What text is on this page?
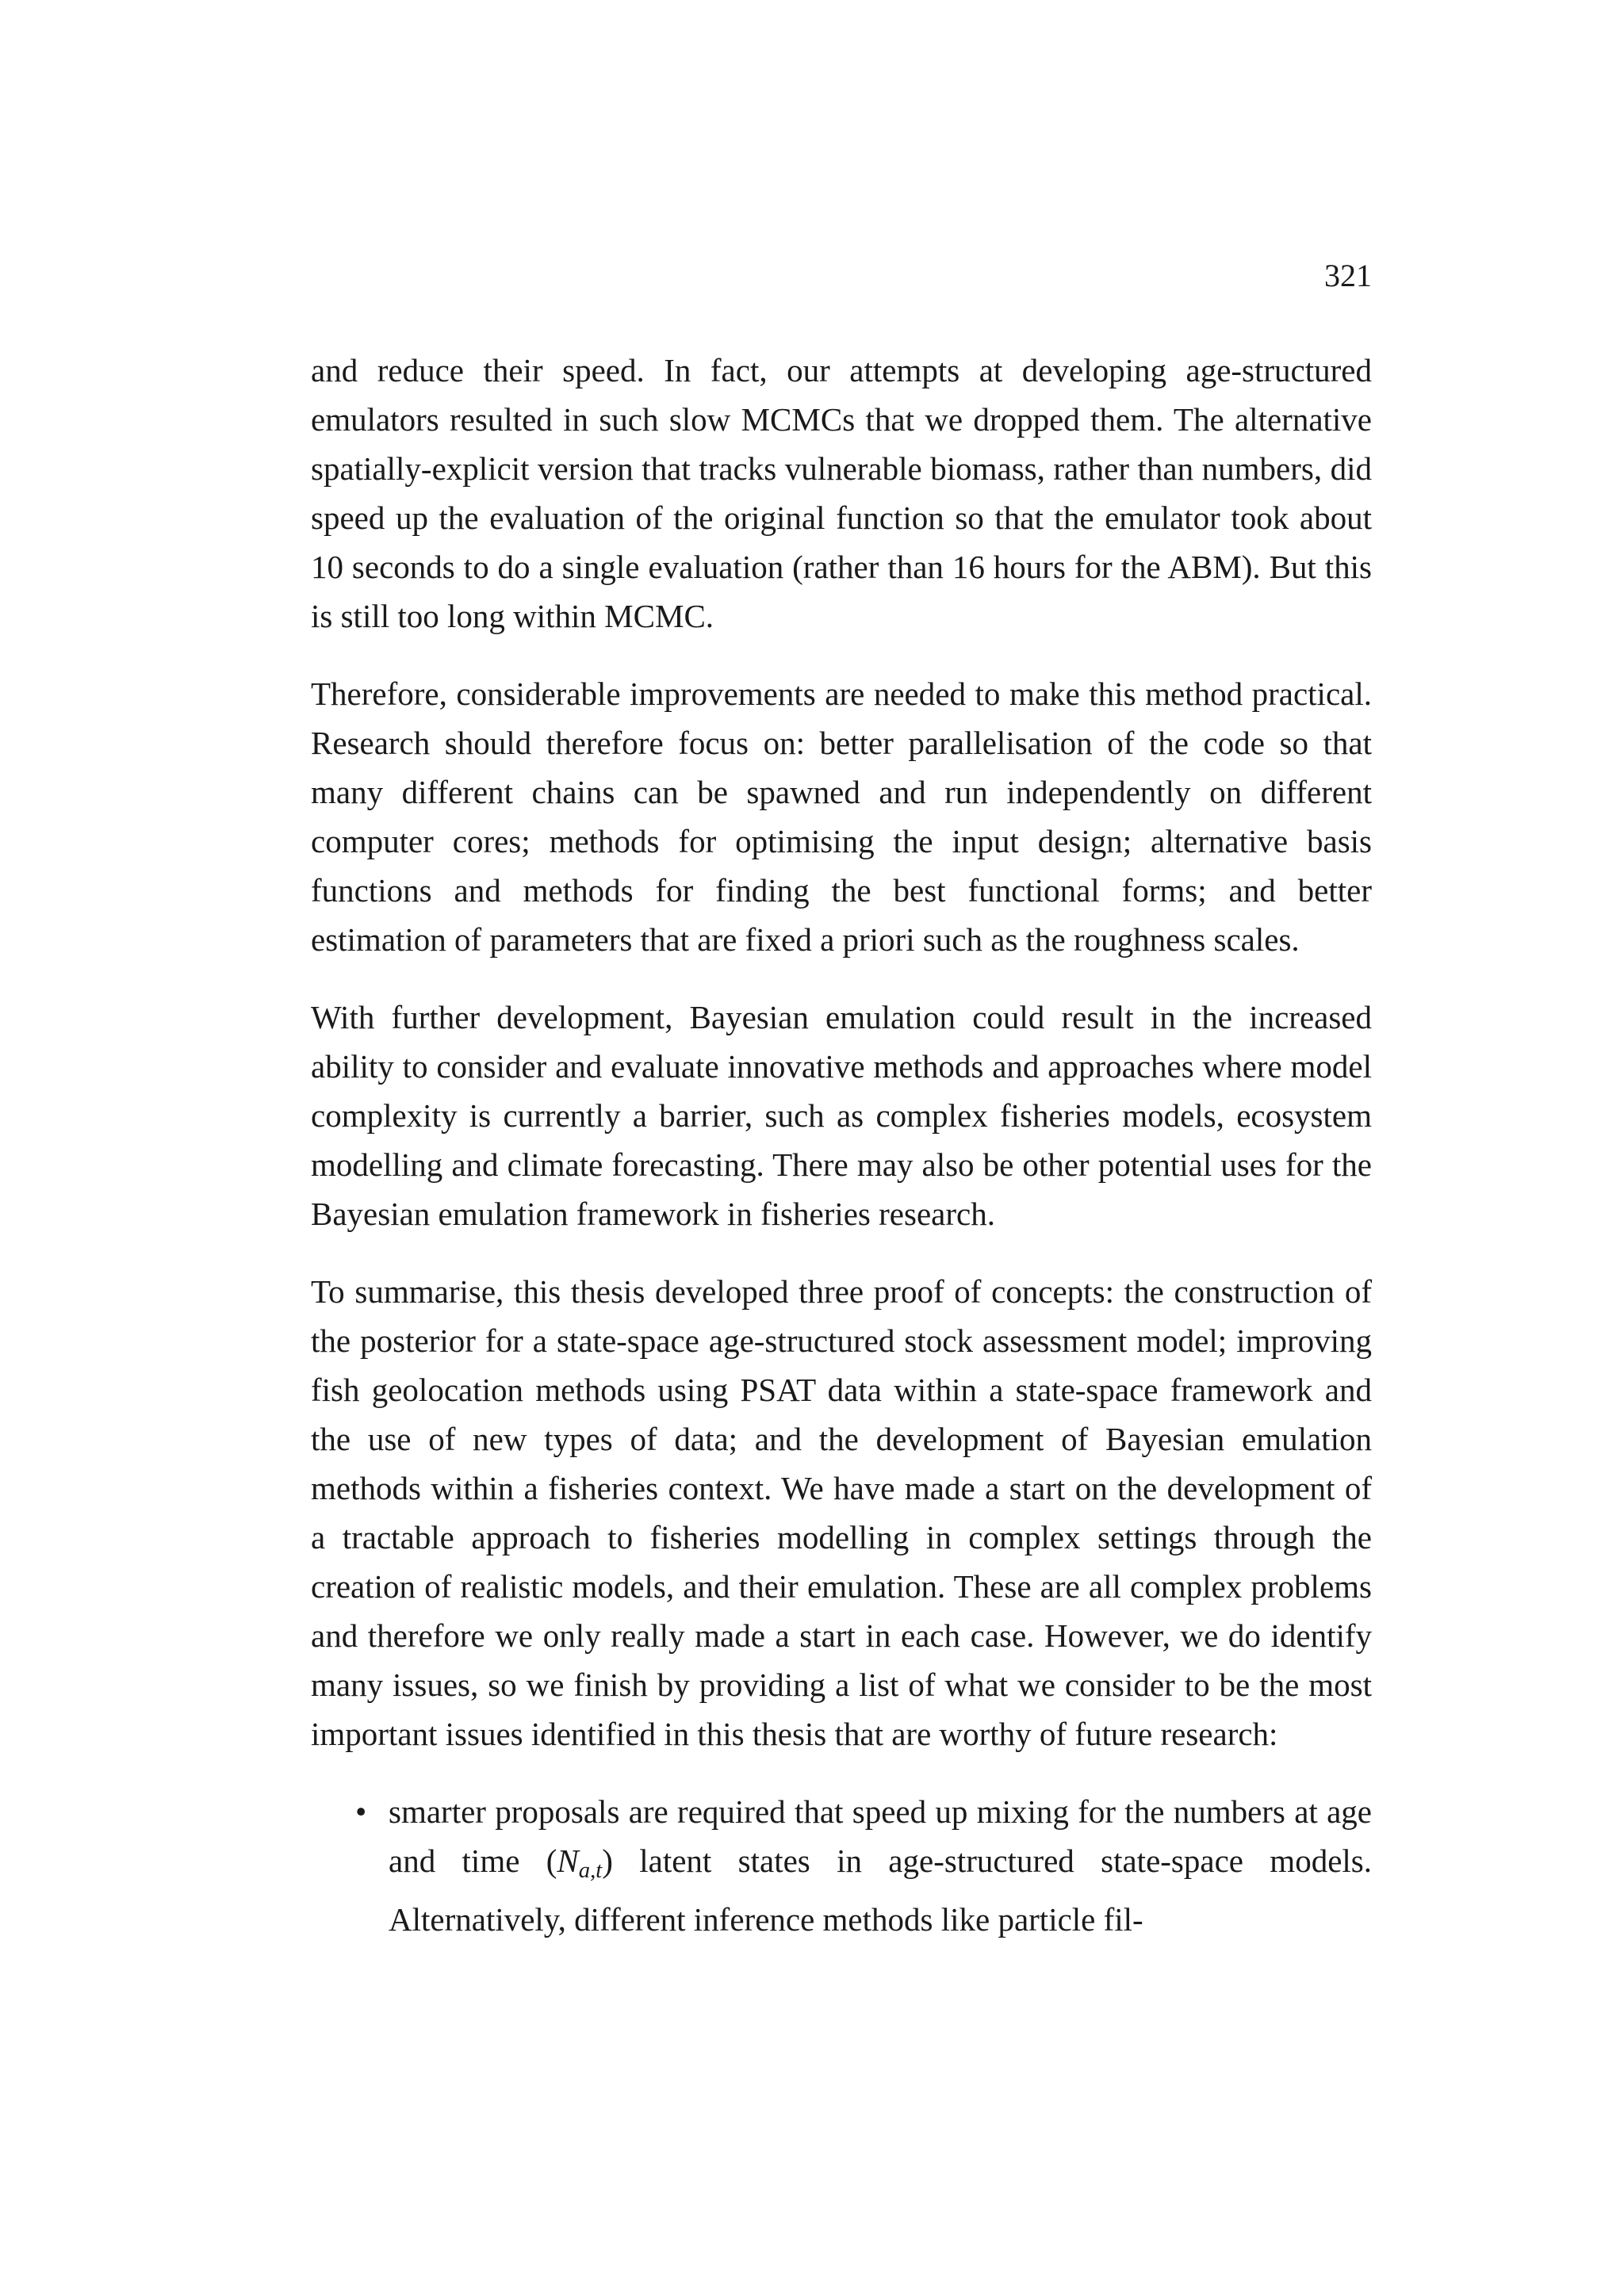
321

and reduce their speed. In fact, our attempts at developing age-structured emulators resulted in such slow MCMCs that we dropped them. The alternative spatially-explicit version that tracks vulnerable biomass, rather than numbers, did speed up the evaluation of the original function so that the emulator took about 10 seconds to do a single evaluation (rather than 16 hours for the ABM). But this is still too long within MCMC.

Therefore, considerable improvements are needed to make this method practical. Research should therefore focus on: better parallelisation of the code so that many different chains can be spawned and run independently on different computer cores; methods for optimising the input design; alternative basis functions and methods for finding the best functional forms; and better estimation of parameters that are fixed a priori such as the roughness scales.

With further development, Bayesian emulation could result in the increased ability to consider and evaluate innovative methods and approaches where model complexity is currently a barrier, such as complex fisheries models, ecosystem modelling and climate forecasting. There may also be other potential uses for the Bayesian emulation framework in fisheries research.

To summarise, this thesis developed three proof of concepts: the construction of the posterior for a state-space age-structured stock assessment model; improving fish geolocation methods using PSAT data within a state-space framework and the use of new types of data; and the development of Bayesian emulation methods within a fisheries context. We have made a start on the development of a tractable approach to fisheries modelling in complex settings through the creation of realistic models, and their emulation. These are all complex problems and therefore we only really made a start in each case. However, we do identify many issues, so we finish by providing a list of what we consider to be the most important issues identified in this thesis that are worthy of future research:

• smarter proposals are required that speed up mixing for the numbers at age and time $(N_{a,t})$ latent states in age-structured state-space models. Alternatively, different inference methods like particle fil-
